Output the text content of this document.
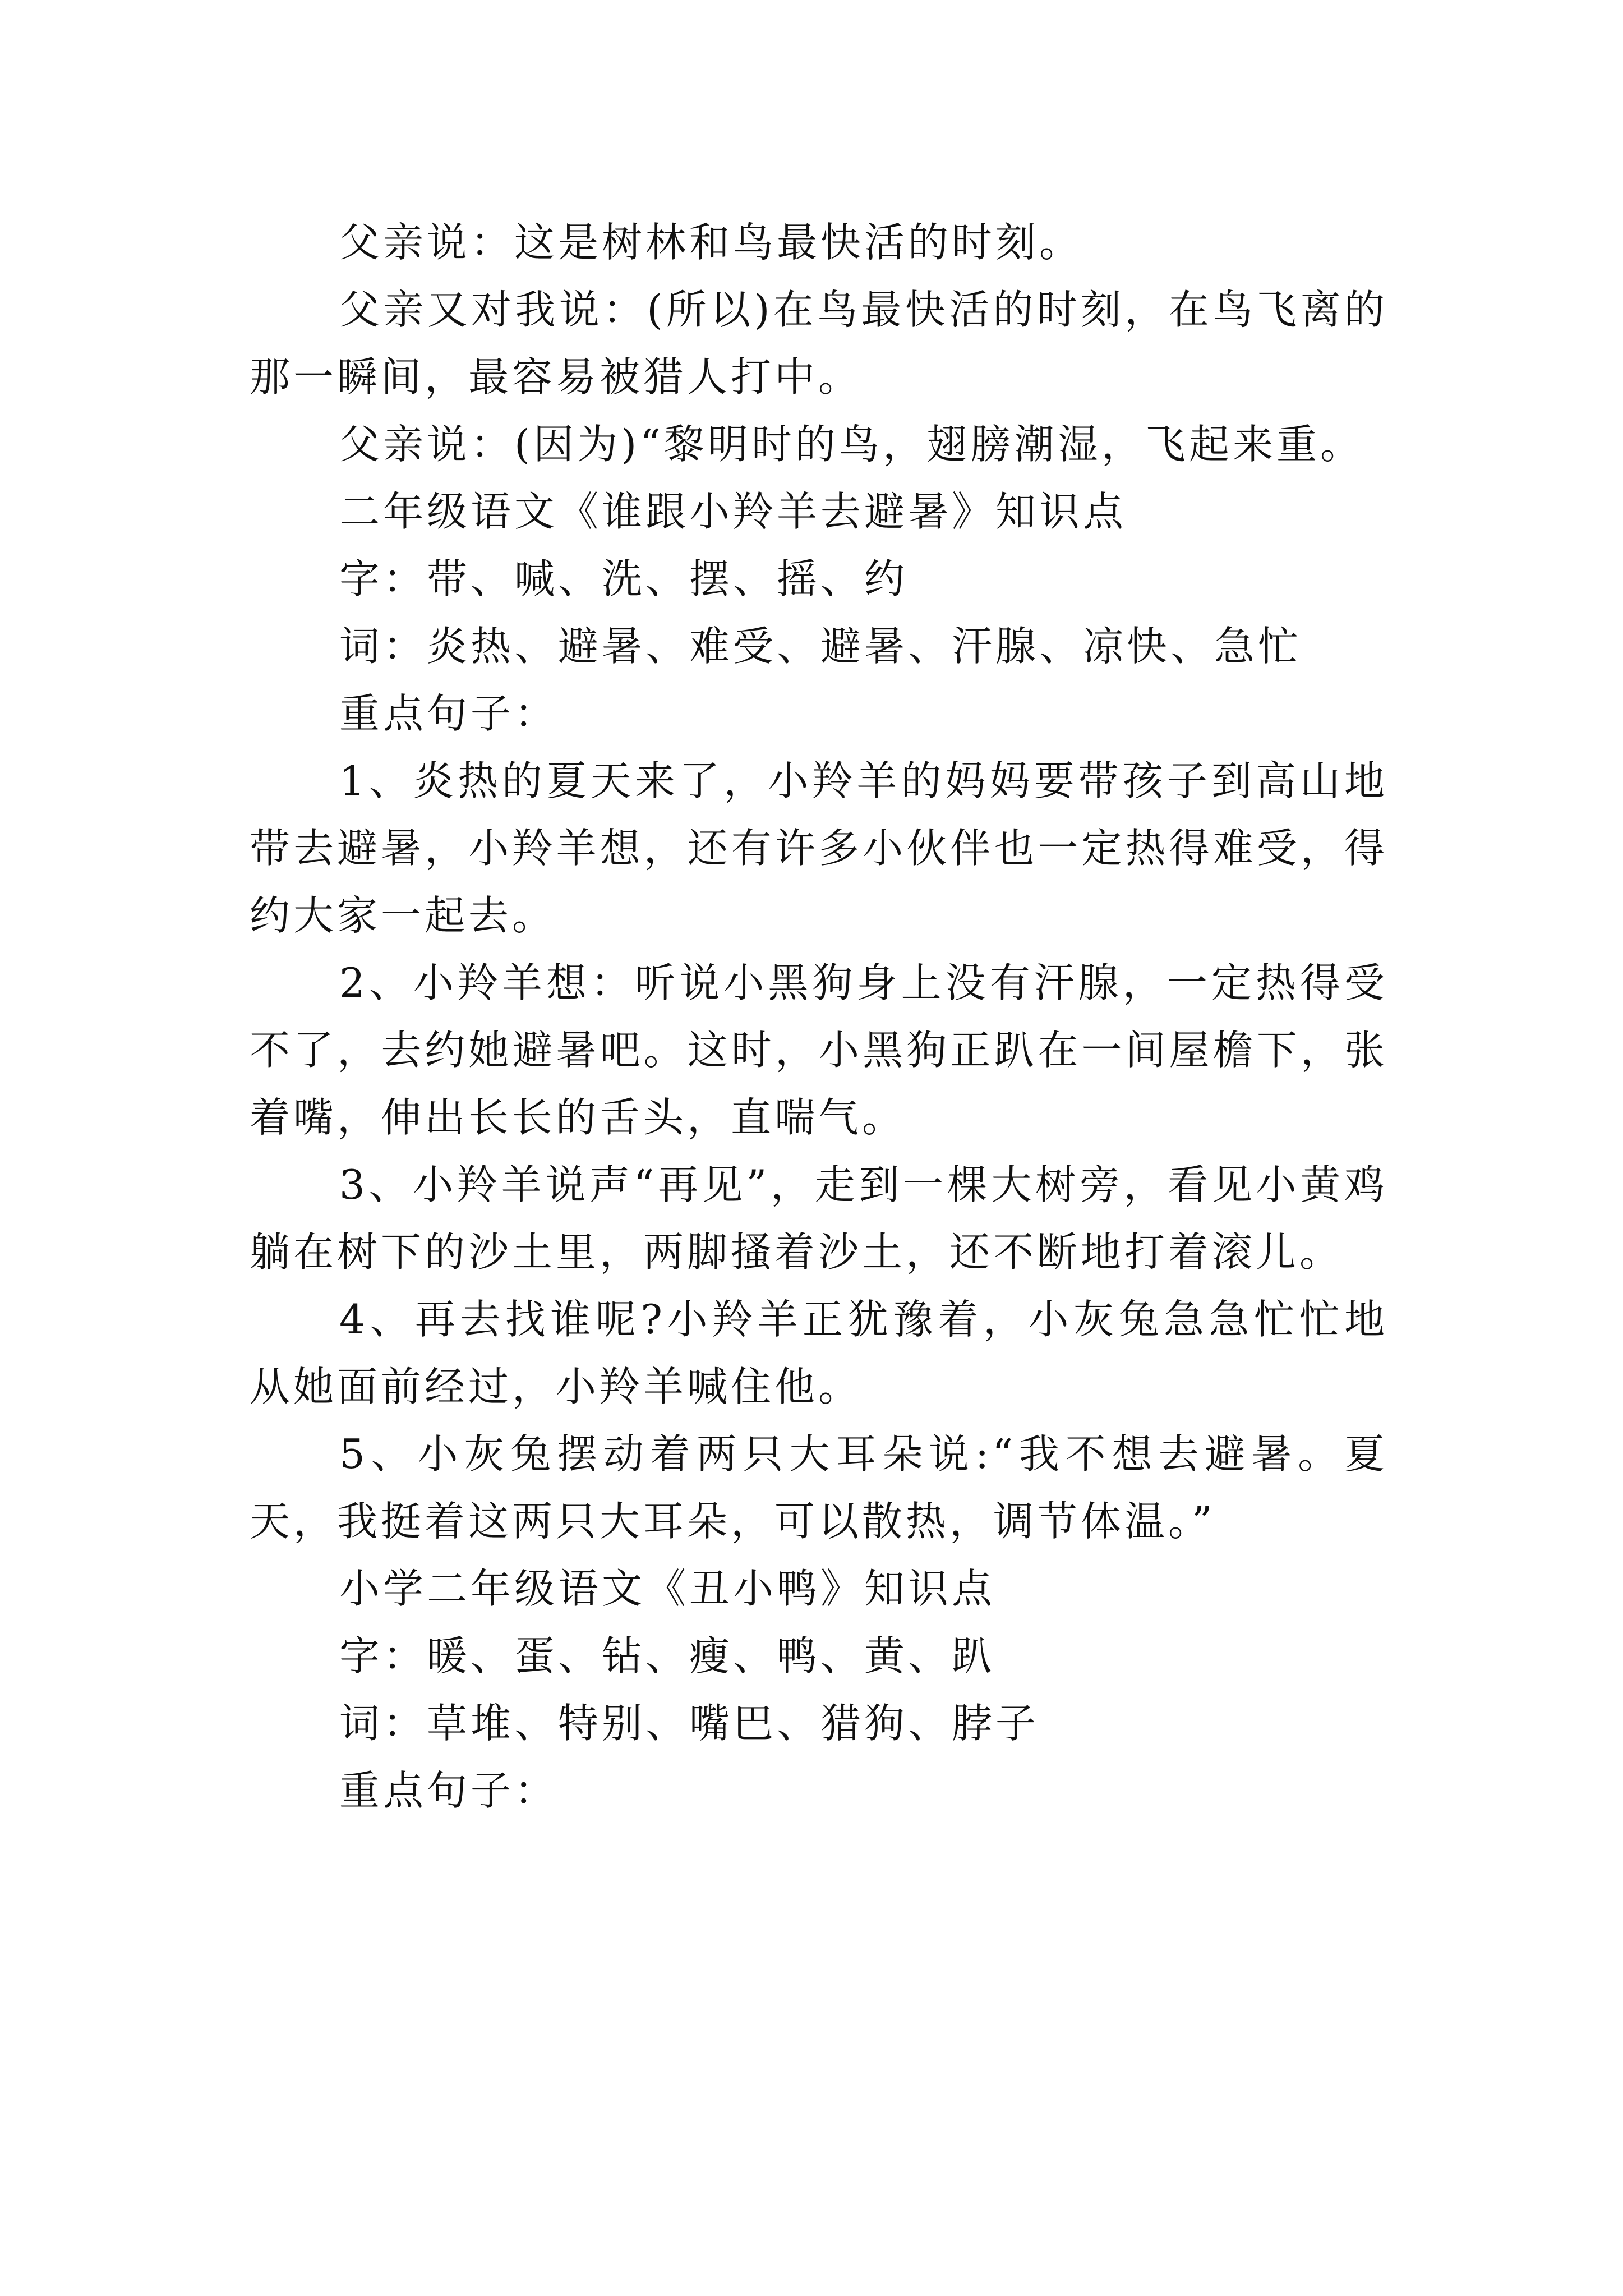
父亲说：这是树林和鸟最快活的时刻。

父亲又对我说：(所以)在鸟最快活的时刻，在鸟飞离的那一瞬间，最容易被猎人打中。

父亲说：(因为)“黎明时的鸟，翅膀潮湿，飞起来重。

二年级语文《谁跟小羚羊去避暑》知识点

字：带、喊、洗、摆、摇、约

词：炎热、避暑、难受、避暑、汗腺、凉快、急忙

重点句子：

1、炎热的夏天来了，小羚羊的妈妈要带孩子到高山地带去避暑，小羚羊想，还有许多小伙伴也一定热得难受，得约大家一起去。

2、小羚羊想：听说小黑狗身上没有汗腺，一定热得受不了，去约她避暑吧。这时，小黑狗正趴在一间屋檐下，张着嘴，伸出长长的舌头，直喘气。

3、小羚羊说声“再见”，走到一棵大树旁，看见小黄鸡躺在树下的沙土里，两脚搔着沙土，还不断地打着滚儿。

4、再去找谁呢?小羚羊正犹豫着，小灰兔急急忙忙地从她面前经过，小羚羊喊住他。

5、小灰兔摆动着两只大耳朵说:“我不想去避暑。夏天，我挺着这两只大耳朵，可以散热，调节体温。”

小学二年级语文《丑小鸭》知识点

字：暖、蛋、钻、瘦、鸭、黄、趴

词：草堆、特别、嘴巴、猎狗、脖子

重点句子：
